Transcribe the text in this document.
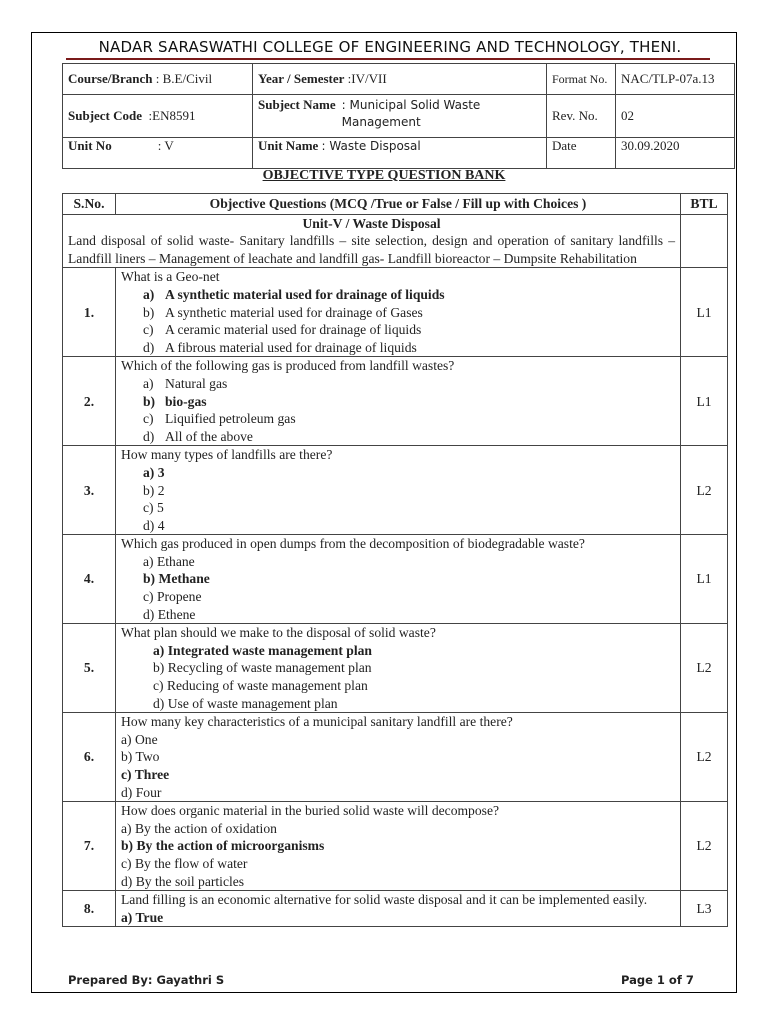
NADAR SARASWATHI COLLEGE OF ENGINEERING AND TECHNOLOGY, THENI.
Course/Branch : B.E/Civil	Year / Semester :IV/VII	Format No.	NAC/TLP-07a.13
Subject Code :EN8591	Subject Name : Municipal Solid Waste Management	Rev. No.	02
Unit No : V	Unit Name : Waste Disposal	Date	30.09.2020
OBJECTIVE TYPE QUESTION BANK
S.No.	Objective Questions (MCQ /True or False / Fill up with Choices )	BTL

Unit-V / Waste Disposal
Land disposal of solid waste- Sanitary landfills – site selection, design and operation of sanitary landfills – Landfill liners – Management of leachate and landfill gas- Landfill bioreactor – Dumpsite Rehabilitation		

1.	What is a Geo-net
a) A synthetic material used for drainage of liquids
b) A synthetic material used for drainage of Gases
c) A ceramic material used for drainage of liquids
d) A fibrous material used for drainage of liquids	L1
2.	Which of the following gas is produced from landfill wastes?
a) Natural gas
b) bio-gas
c) Liquified petroleum gas
d) All of the above	L1
3.	How many types of landfills are there?
a) 3
b) 2
c) 5
d) 4	L2
4.	Which gas produced in open dumps from the decomposition of biodegradable waste?
a) Ethane
b) Methane
c) Propene
d) Ethene	L1
5.	What plan should we make to the disposal of solid waste?
a) Integrated waste management plan
b) Recycling of waste management plan
c) Reducing of waste management plan
d) Use of waste management plan	L2
6.	How many key characteristics of a municipal sanitary landfill are there?
a) One
b) Two
c) Three
d) Four	L2
7.	How does organic material in the buried solid waste will decompose?
a) By the action of oxidation
b) By the action of microorganisms
c) By the flow of water
d) By the soil particles	L2
8.	Land filling is an economic alternative for solid waste disposal and it can be implemented easily.
a) True	L3
Prepared By: Gayathri S	Page 1 of 7
